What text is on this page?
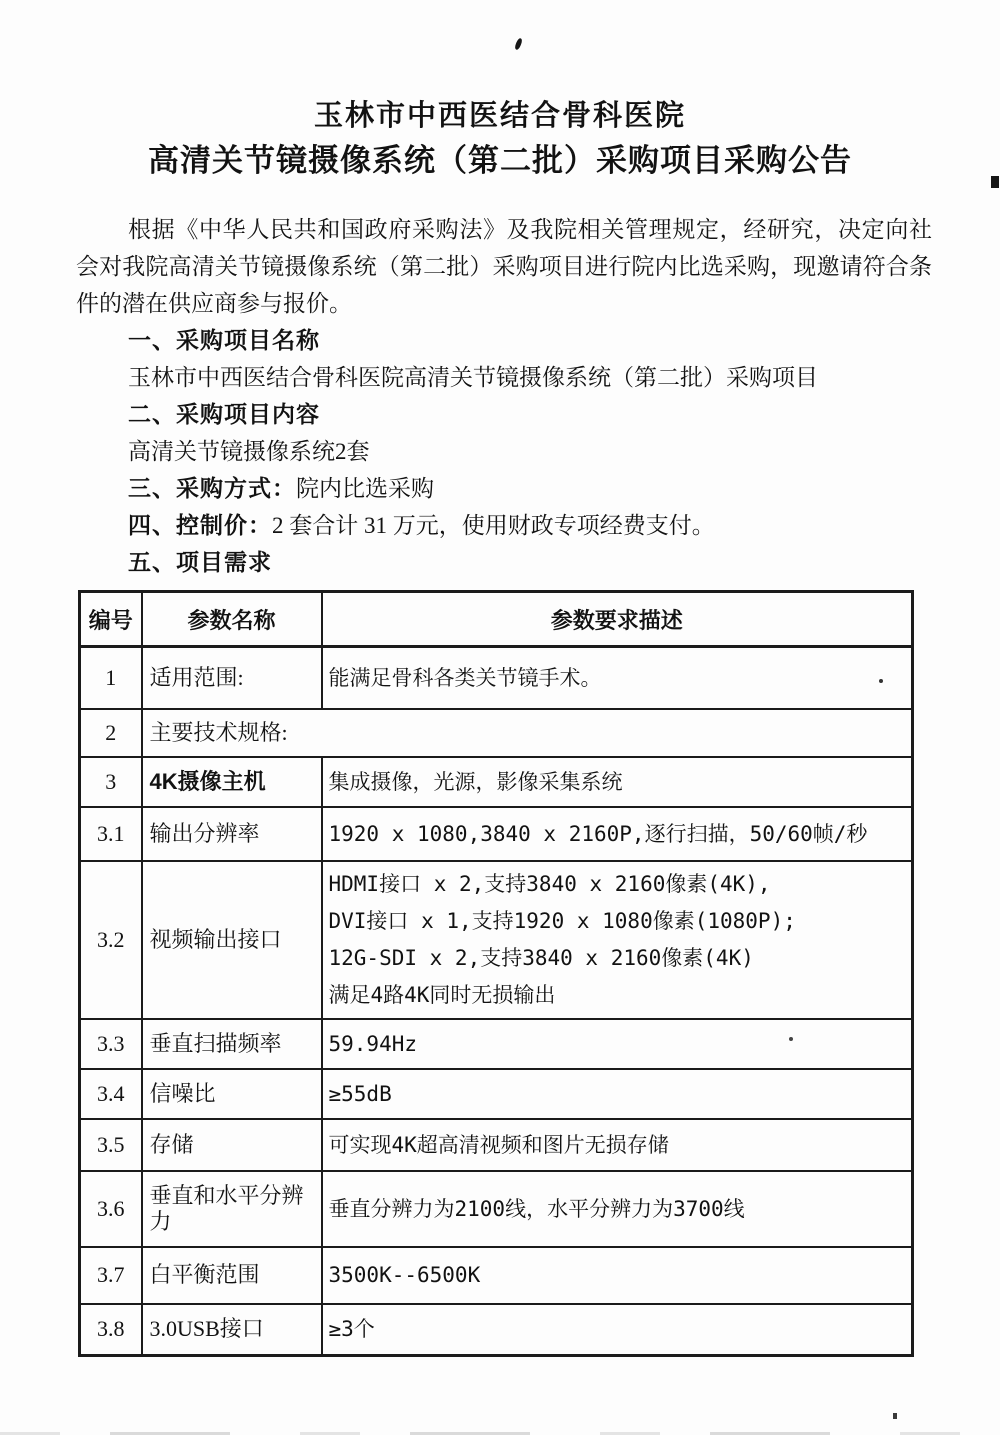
玉林市中西医结合骨科医院
高清关节镜摄像系统（第二批）采购项目采购公告

根据《中华人民共和国政府采购法》及我院相关管理规定，经研究，决定向社会对我院高清关节镜摄像系统（第二批）采购项目进行院内比选采购，现邀请符合条件的潜在供应商参与报价。

一、采购项目名称

玉林市中西医结合骨科医院高清关节镜摄像系统（第二批）采购项目

二、采购项目内容

高清关节镜摄像系统2套

三、采购方式：院内比选采购

四、控制价：2 套合计 31 万元，使用财政专项经费支付。

五、项目需求

编号	参数名称	参数要求描述
1	适用范围:	能满足骨科各类关节镜手术。
2	主要技术规格:	
3	4K摄像主机	集成摄像，光源，影像采集系统
3.1	输出分辨率	1920 x 1080,3840 x 2160P,逐行扫描，50/60帧/秒
3.2	视频输出接口	HDMI接口 x 2,支持3840 x 2160像素(4K),
DVI接口 x 1,支持1920 x 1080像素(1080P);
12G-SDI x 2,支持3840 x 2160像素(4K)
满足4路4K同时无损输出

3.3	垂直扫描频率	59.94Hz
3.4	信噪比	≥55dB
3.5	存储	可实现4K超高清视频和图片无损存储
3.6	垂直和水平分辨力	垂直分辨力为2100线，水平分辨力为3700线
3.7	白平衡范围	3500K--6500K
3.8	3.0USB接口	≥3个
